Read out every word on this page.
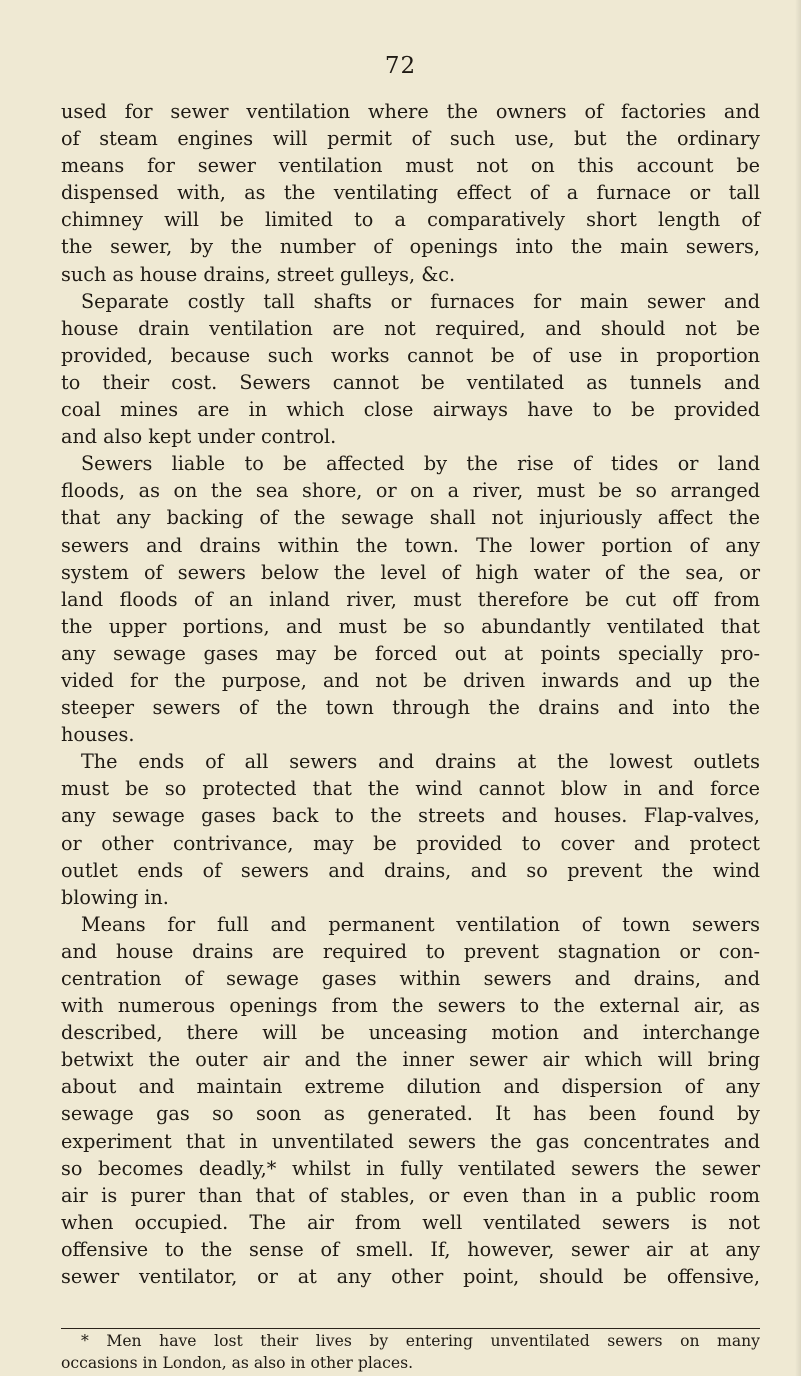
72
used for sewer ventilation where the owners of factories and
of steam engines will permit of such use, but the ordinary
means for sewer ventilation must not on this account be
dispensed with, as the ventilating effect of a furnace or tall
chimney will be limited to a comparatively short length of
the sewer, by the number of openings into the main sewers,
such as house drains, street gulleys, &c.
Separate costly tall shafts or furnaces for main sewer and
house drain ventilation are not required, and should not be
provided, because such works cannot be of use in proportion
to their cost. Sewers cannot be ventilated as tunnels and
coal mines are in which close airways have to be provided
and also kept under control.
Sewers liable to be affected by the rise of tides or land
floods, as on the sea shore, or on a river, must be so arranged
that any backing of the sewage shall not injuriously affect the
sewers and drains within the town. The lower portion of any
system of sewers below the level of high water of the sea, or
land floods of an inland river, must therefore be cut off from
the upper portions, and must be so abundantly ventilated that
any sewage gases may be forced out at points specially pro-
vided for the purpose, and not be driven inwards and up the
steeper sewers of the town through the drains and into the
houses.
The ends of all sewers and drains at the lowest outlets
must be so protected that the wind cannot blow in and force
any sewage gases back to the streets and houses. Flap-valves,
or other contrivance, may be provided to cover and protect
outlet ends of sewers and drains, and so prevent the wind
blowing in.
Means for full and permanent ventilation of town sewers
and house drains are required to prevent stagnation or con-
centration of sewage gases within sewers and drains, and
with numerous openings from the sewers to the external air, as
described, there will be unceasing motion and interchange
betwixt the outer air and the inner sewer air which will bring
about and maintain extreme dilution and dispersion of any
sewage gas so soon as generated. It has been found by
experiment that in unventilated sewers the gas concentrates and
so becomes deadly,* whilst in fully ventilated sewers the sewer
air is purer than that of stables, or even than in a public room
when occupied. The air from well ventilated sewers is not
offensive to the sense of smell. If, however, sewer air at any
sewer ventilator, or at any other point, should be offensive,
* Men have lost their lives by entering unventilated sewers on many
occasions in London, as also in other places.
